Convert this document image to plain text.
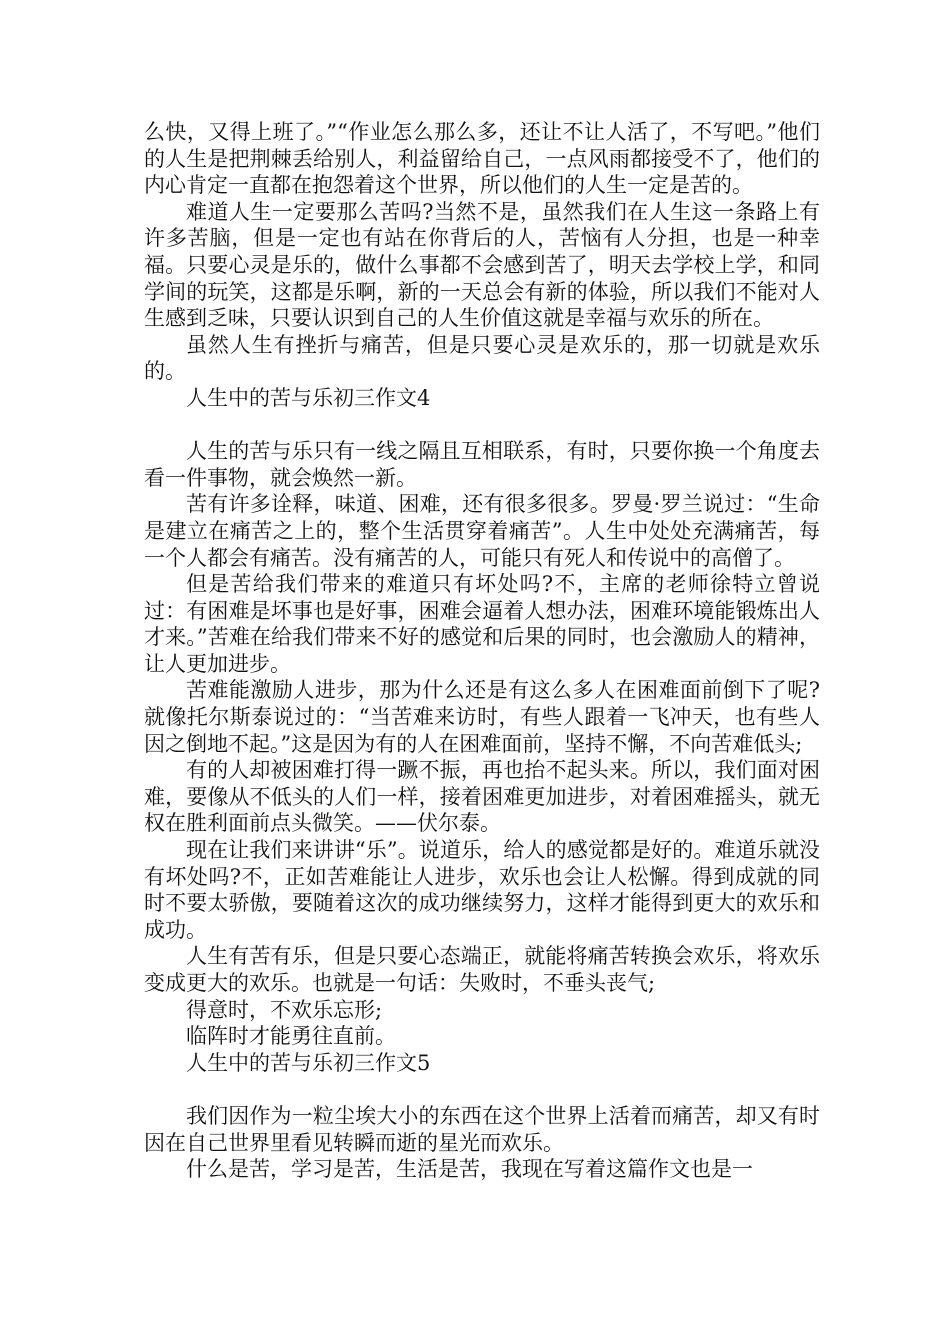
么快，又得上班了。”“作业怎么那么多，还让不让人活了，不写吧。”他们的人生是把荆棘丢给别人，利益留给自己，一点风雨都接受不了，他们的内心肯定一直都在抱怨着这个世界，所以他们的人生一定是苦的。

难道人生一定要那么苦吗?当然不是，虽然我们在人生这一条路上有许多苦脑，但是一定也有站在你背后的人，苦恼有人分担，也是一种幸福。只要心灵是乐的，做什么事都不会感到苦了，明天去学校上学，和同学间的玩笑，这都是乐啊，新的一天总会有新的体验，所以我们不能对人生感到乏味，只要认识到自己的人生价值这就是幸福与欢乐的所在。

虽然人生有挫折与痛苦，但是只要心灵是欢乐的，那一切就是欢乐的。

人生中的苦与乐初三作文4

人生的苦与乐只有一线之隔且互相联系，有时，只要你换一个角度去看一件事物，就会焕然一新。

苦有许多诠释，味道、困难，还有很多很多。罗曼·罗兰说过：“生命是建立在痛苦之上的，整个生活贯穿着痛苦”。人生中处处充满痛苦，每一个人都会有痛苦。没有痛苦的人，可能只有死人和传说中的高僧了。

但是苦给我们带来的难道只有坏处吗?不，主席的老师徐特立曾说过：有困难是坏事也是好事，困难会逼着人想办法，困难环境能锻炼出人才来。”苦难在给我们带来不好的感觉和后果的同时，也会激励人的精神，让人更加进步。

苦难能激励人进步，那为什么还是有这么多人在困难面前倒下了呢?就像托尔斯泰说过的：“当苦难来访时，有些人跟着一飞冲天，也有些人因之倒地不起。”这是因为有的人在困难面前，坚持不懈，不向苦难低头;

有的人却被困难打得一蹶不振，再也抬不起头来。所以，我们面对困难，要像从不低头的人们一样，接着困难更加进步，对着困难摇头，就无权在胜利面前点头微笑。——伏尔泰。

现在让我们来讲讲“乐”。说道乐，给人的感觉都是好的。难道乐就没有坏处吗?不，正如苦难能让人进步，欢乐也会让人松懈。得到成就的同时不要太骄傲，要随着这次的成功继续努力，这样才能得到更大的欢乐和成功。

人生有苦有乐，但是只要心态端正，就能将痛苦转换会欢乐，将欢乐变成更大的欢乐。也就是一句话：失败时，不垂头丧气;

得意时，不欢乐忘形;

临阵时才能勇往直前。

人生中的苦与乐初三作文5

我们因作为一粒尘埃大小的东西在这个世界上活着而痛苦，却又有时因在自己世界里看见转瞬而逝的星光而欢乐。

什么是苦，学习是苦，生活是苦，我现在写着这篇作文也是一
